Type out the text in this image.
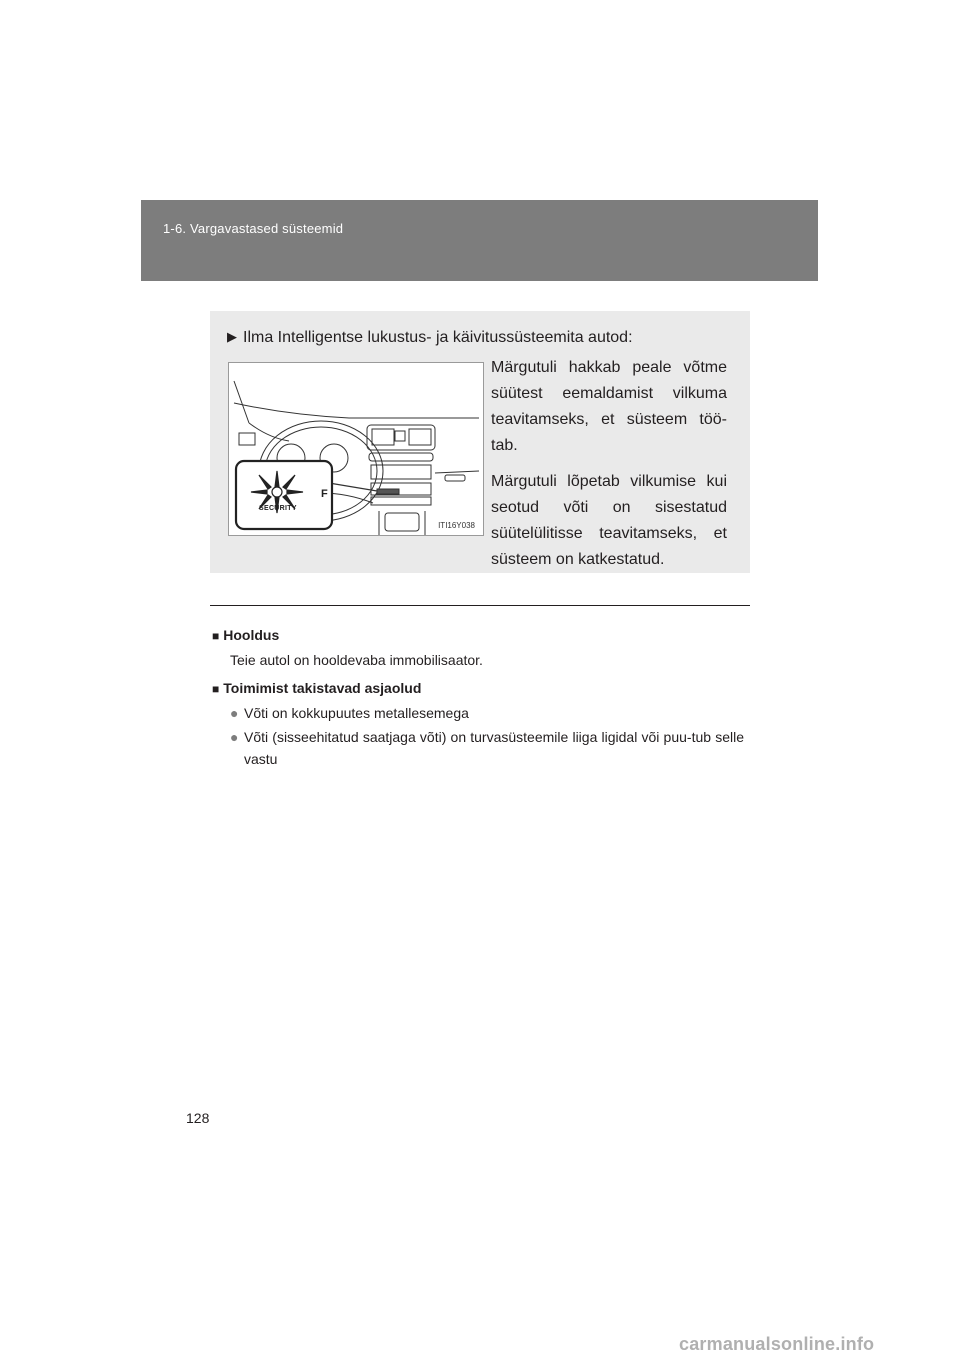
1-6. Vargavastased süsteemid
▶ Ilma Intelligentse lukustus- ja käivitussüsteemita autod:
F
SECURITY
ITI16Y038

Märgutuli hakkab peale võtme süütest eemaldamist vilkuma teavitamseks, et süsteem töö-tab.

Märgutuli lõpetab vilkumise kui seotud võti on sisestatud süütelülitisse teavitamseks, et süsteem on katkestatud.

■ Hooldus

Teie autol on hooldevaba immobilisaator.

■ Toimimist takistavad asjaolud

● Võti on kokkupuutes metallesemega
● Võti (sisseehitatud saatjaga võti) on turvasüsteemile liiga ligidal või puu-tub selle vastu
128
carmanualsonline.info
